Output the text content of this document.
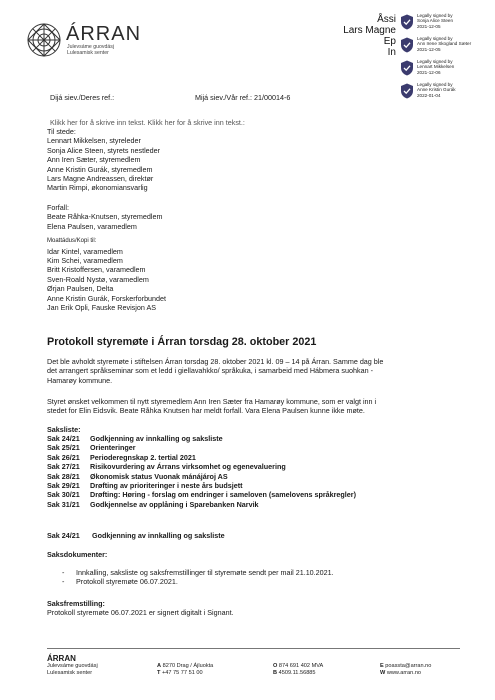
ÁRRAN
Julevsáme guovdásj
Lulesamisk senter
Åssi
Lars Magne
Ep
In
Legally signed by
Sonja Alice Steen
2021-12-05
Legally signed by
Ann Irene Skogland Sæter
2021-12-05
Legally signed by
Lennart Mikkelsen
2021-12-06
Legally signed by
Anne Kristin Gurák
2022-01-04
Dijá siev./Deres ref.:	Mijá siev./Vår ref.: 21/00014-6
Klikk her for å skrive inn tekst. Klikk her for å skrive inn tekst.:
Til stede:
Lennart Mikkelsen, styreleder
Sonja Alice Steen, styrets nestleder
Ann Iren Sæter, styremedlem
Anne Kristin Gurák, styremedlem
Lars Magne Andreassen, direktør
Martin Rimpi, økonomiansvarlig
Forfall:
Beate Råhka-Knutsen, styremedlem
Elena Paulsen, varamedlem
Moattádus/Kopi til:
Idar Kintel, varamedlem
Kim Schei, varamedlem
Britt Kristoffersen, varamedlem
Sven-Roald Nystø, varamedlem
Ørjan Paulsen, Delta
Anne Kristin Gurák, Forskerforbundet
Jan Erik Opli, Fauske Revisjon AS
Protokoll styremøte i Árran torsdag 28. oktober 2021
Det ble avholdt styremøte i stiftelsen Árran torsdag 28. oktober 2021 kl. 09 – 14 på Árran. Samme dag ble
det arrangert språkseminar som et ledd i giellavahkko/ språkuka, i samarbeid med Hábmera suohkan -
Hamarøy kommune.
Styret ønsket velkommen til nytt styremedlem Ann Iren Sæter fra Hamarøy kommune, som er valgt inn i
stedet for Elin Eidsvik. Beate Råhka Knutsen har meldt forfall. Vara Elena Paulsen kunne ikke møte.
Saksliste:
Sak 24/21	Godkjenning av innkalling og saksliste
Sak 25/21	Orienteringer
Sak 26/21	Perioderegnskap 2. tertial 2021
Sak 27/21	Risikovurdering av Árrans virksomhet og egenevaluering
Sak 28/21	Økonomisk status Vuonak mánájároj AS
Sak 29/21	Drøfting av prioriteringer i neste års budsjett
Sak 30/21	Drøfting: Høring - forslag om endringer i sameloven (samelovens språkregler)
Sak 31/21	Godkjennelse av opplåning i Sparebanken Narvik
Sak 24/21	Godkjenning av innkalling og saksliste
Saksdokumenter:
- Innkalling, saksliste og saksfremstillinger til styremøte sendt per mail 21.10.2021.
- Protokoll styremøte 06.07.2021.
Saksfremstilling:
Protokoll styremøte 06.07.2021 er signert digitalt i Signant.
ÁRRAN
Julevsáme guovdásj
Lulesamisk senter
A 8270 Drag / Ájluokta
T +47 75 77 51 00
O 874 691 402 MVA
B 4509.11.56885
E poassta@arran.no
W www.arran.no
